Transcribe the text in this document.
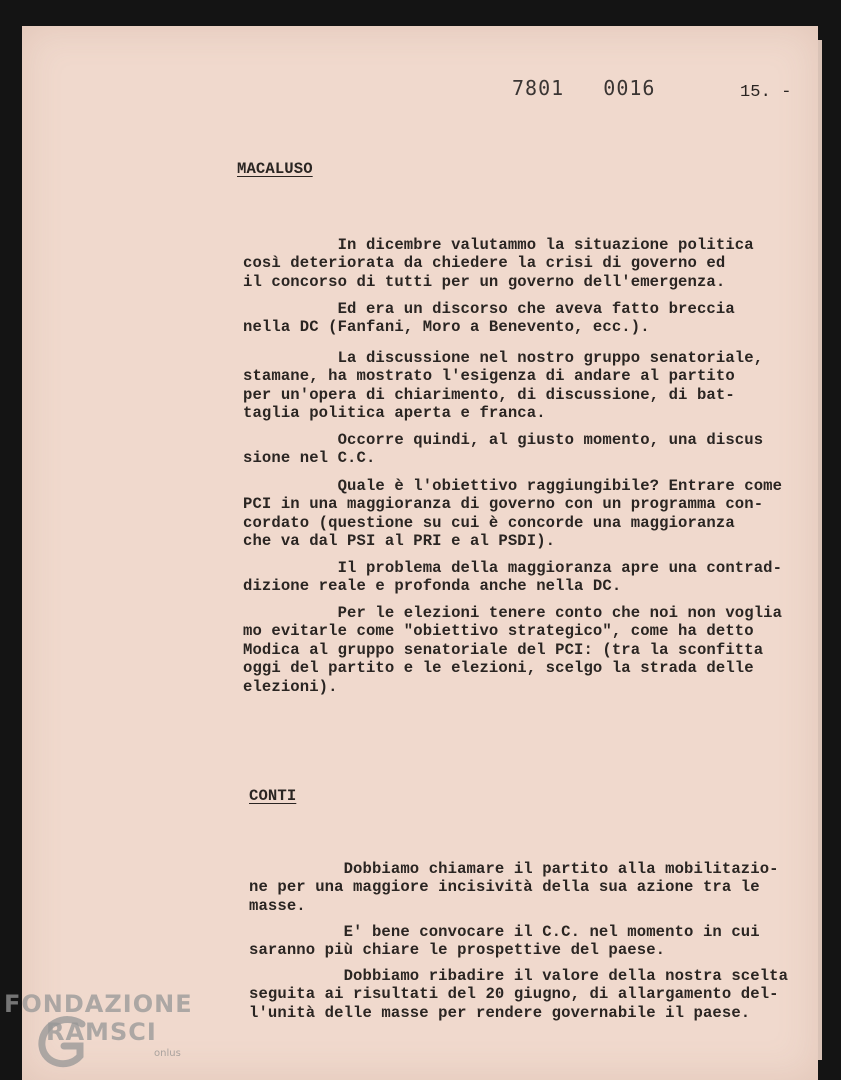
7801   0016	15. -
MACALUSO

In dicembre valutammo la situazione politica
così deteriorata da chiedere la crisi di governo ed
il concorso di tutti per un governo dell'emergenza.

Ed era un discorso che aveva fatto breccia
nella DC (Fanfani, Moro a Benevento, ecc.).

La discussione nel nostro gruppo senatoriale,
stamane, ha mostrato l'esigenza di andare al partito
per un'opera di chiarimento, di discussione, di bat-
taglia politica aperta e franca.

Occorre quindi, al giusto momento, una discus
sione nel C.C.

Quale è l'obiettivo raggiungibile? Entrare come
PCI in una maggioranza di governo con un programma con-
cordato (questione su cui è concorde una maggioranza
che va dal PSI al PRI e al PSDI).

Il problema della maggioranza apre una contrad-
dizione reale e profonda anche nella DC.

Per le elezioni tenere conto che noi non voglia
mo evitarle come "obiettivo strategico", come ha detto
Modica al gruppo senatoriale del PCI: (tra la sconfitta
oggi del partito e le elezioni, scelgo la strada delle
elezioni).

CONTI

Dobbiamo chiamare il partito alla mobilitazio-
ne per una maggiore incisività della sua azione tra le
masse.

E' bene convocare il C.C. nel momento in cui
saranno più chiare le prospettive del paese.

Dobbiamo ribadire il valore della nostra scelta
seguita ai risultati del 20 giugno, di allargamento del-
l'unità delle masse per rendere governabile il paese.

FONDAZIONE
RAMSCI
onlus
